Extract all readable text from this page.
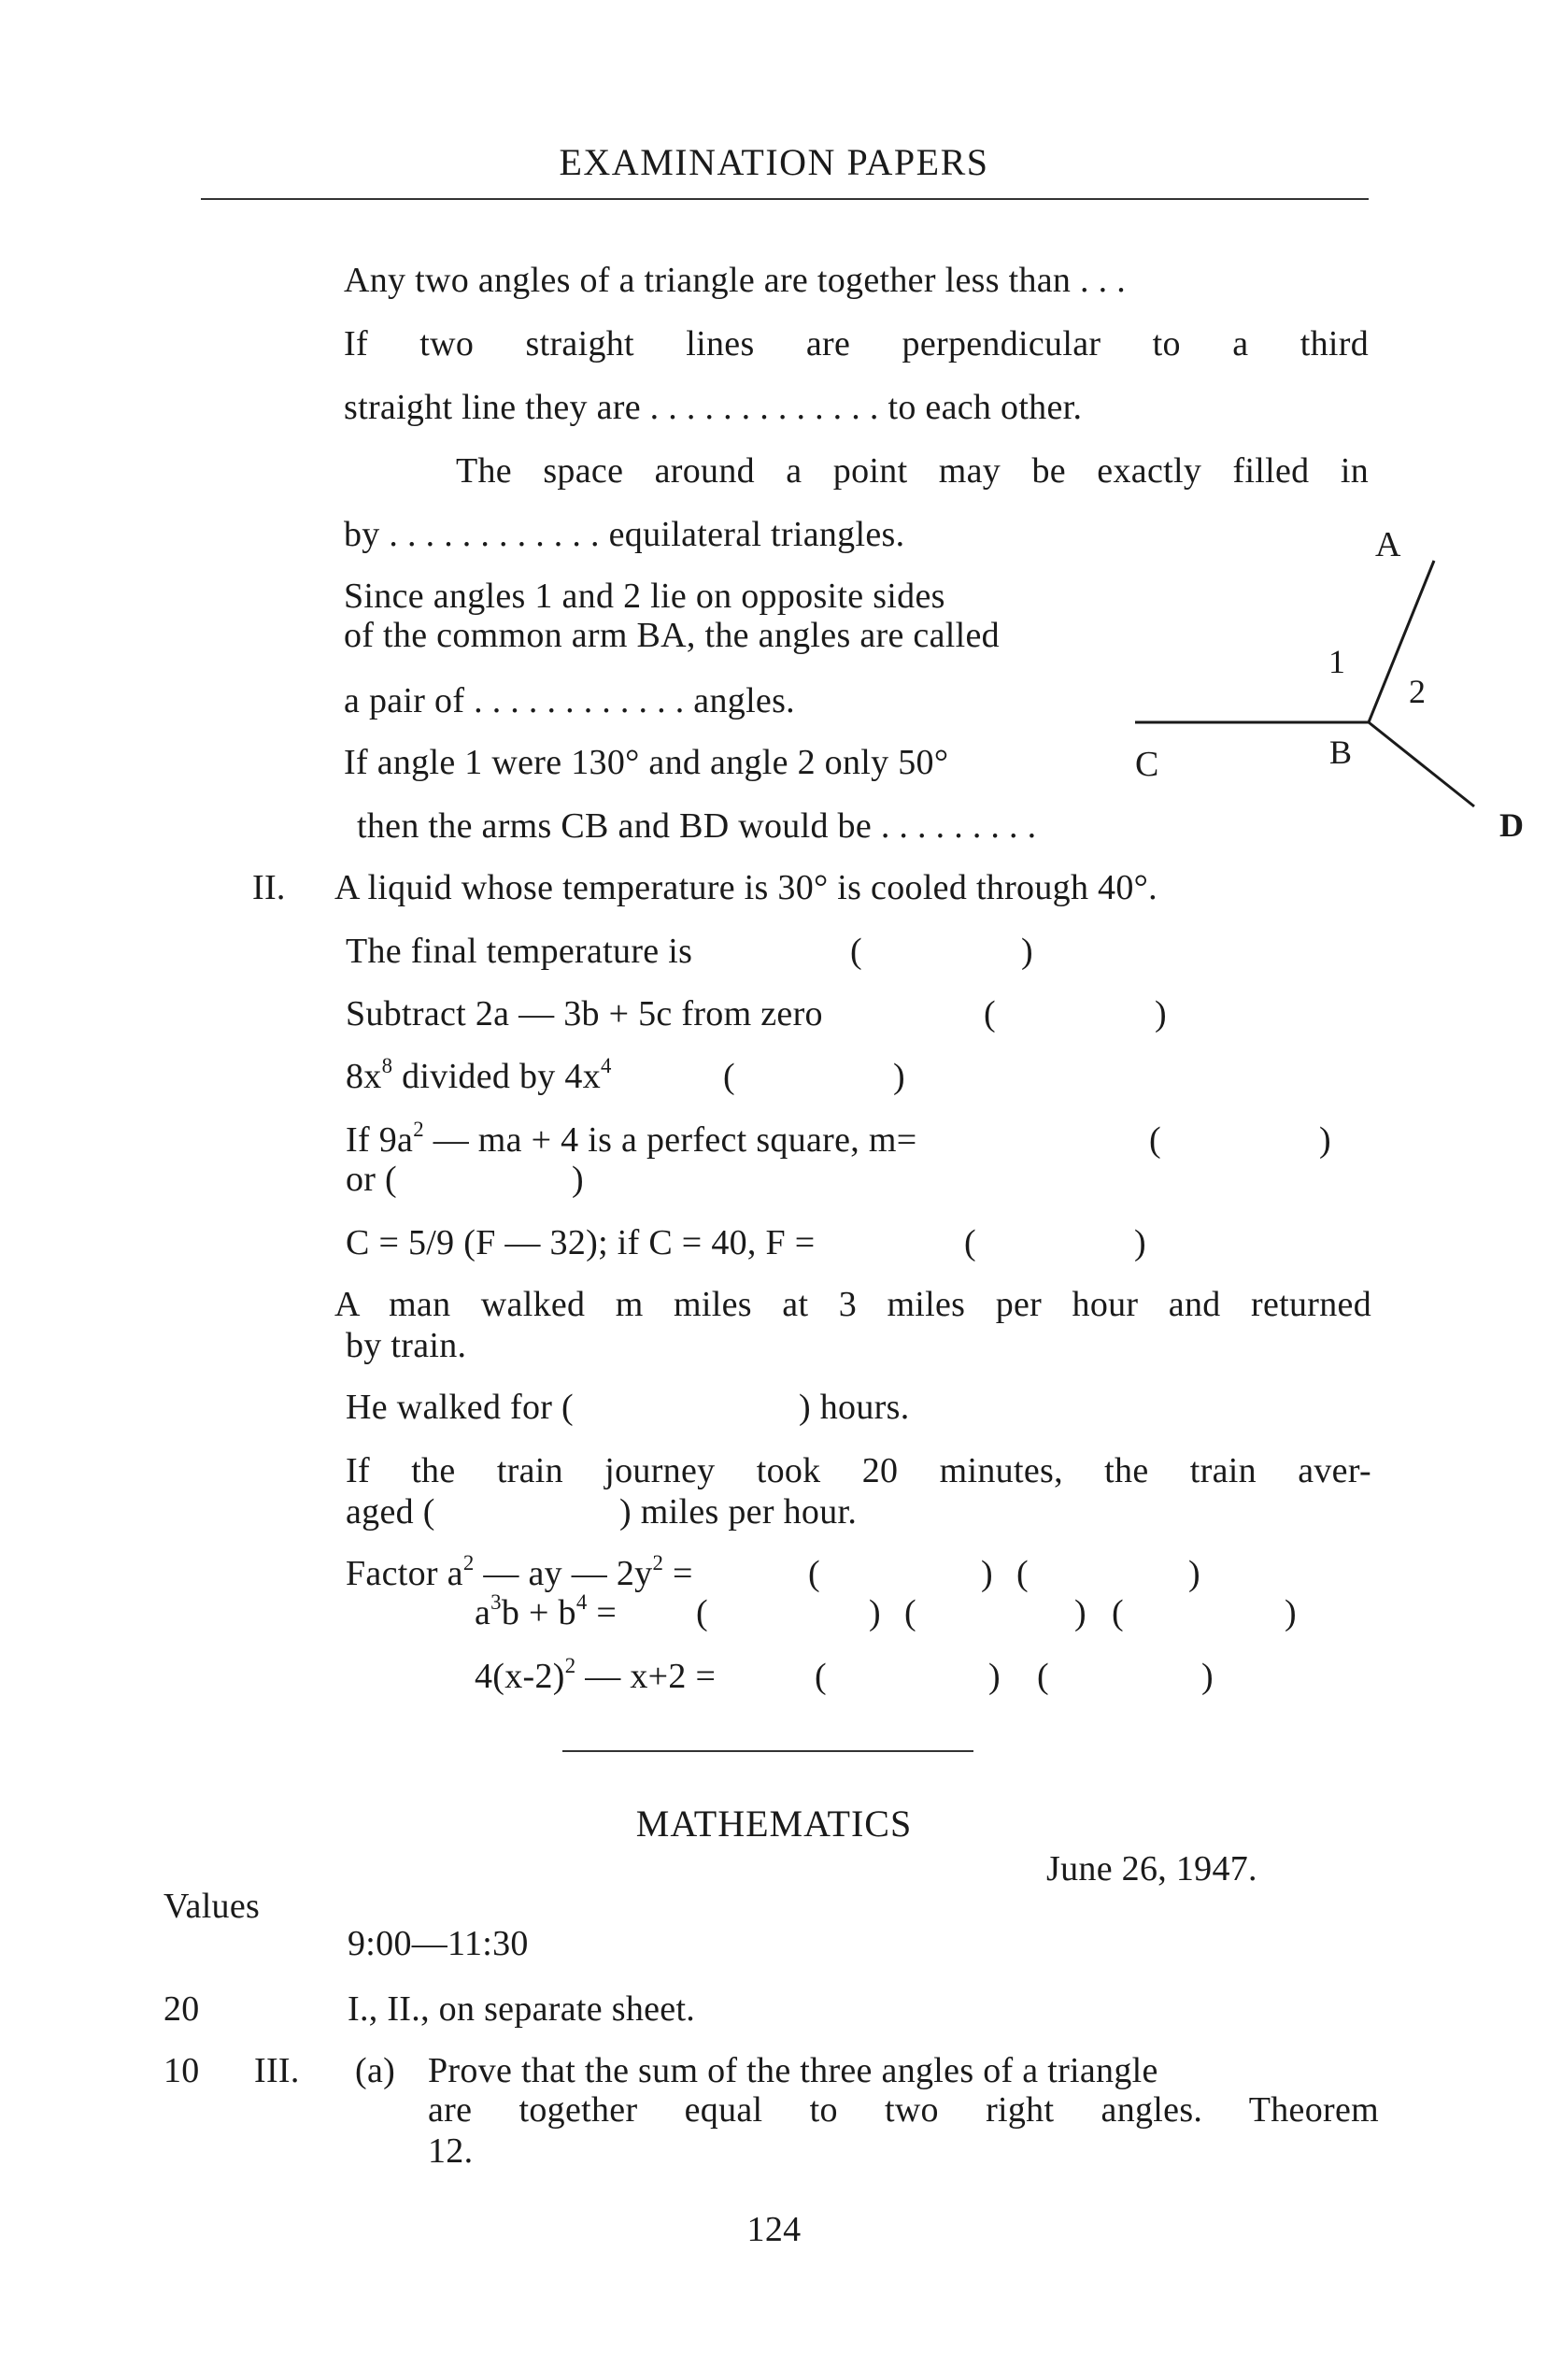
EXAMINATION PAPERS
Any two angles of a triangle are together less than . . .
If two straight lines are perpendicular to a third
straight line they are . . . . . . . . . . . . . to each other.
The space around a point may be exactly filled in
by . . . . . . . . . . . . equilateral triangles.
Since angles 1 and 2 lie on opposite sides
of the common arm BA, the angles are called
a pair of . . . . . . . . . . . . angles.
If angle 1 were 130° and angle 2 only 50°
then the arms CB and BD would be . . . . . . . . .
A
B
C
D
1
2
II. A liquid whose temperature is 30° is cooled through 40°.
The final temperature is	(	)
Subtract 2a — 3b + 5c from zero	(	)
$8x^8$ divided by $4x^4$	(	)
If $9a^2$ — ma + 4 is a perfect square, m=	(	)
or (	)
C = 5/9 (F — 32); if C = 40, F =	(	)
A man walked m miles at 3 miles per hour and returned
by train.
He walked for (	) hours.
If the train journey took 20 minutes, the train aver-
aged (	) miles per hour.
Factor $a^2$ — ay — $2y^2$ =	(	) (	)
$a^3b + b^4$ = (	) (	) (	)
$4(x-2)^2$ — x+2 =	(	) (	)
MATHEMATICS
June 26, 1947.
Values
9:00—11:30
20	I., II., on separate sheet.
10 III. (a) Prove that the sum of the three angles of a triangle
are together equal to two right angles. Theorem
12.
124
